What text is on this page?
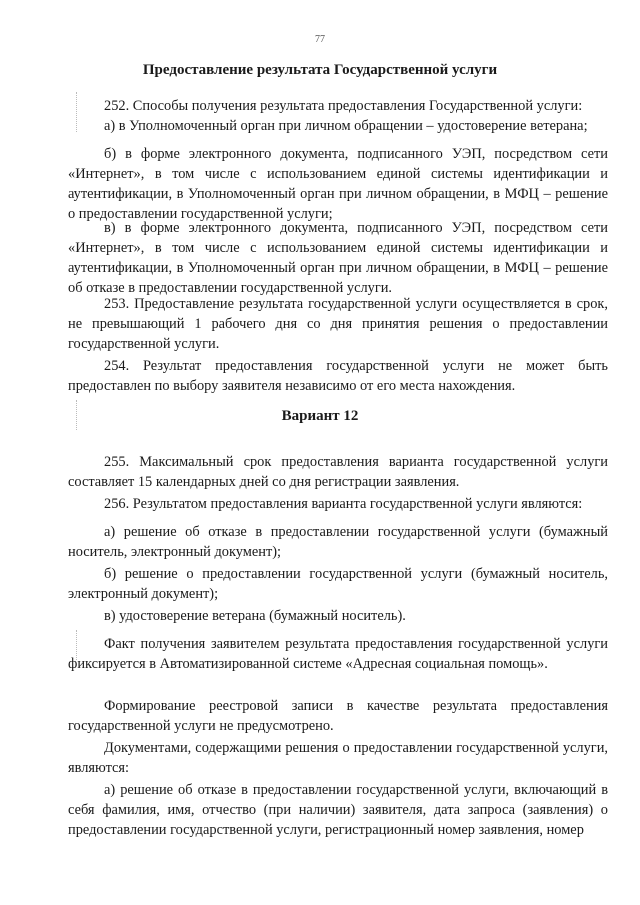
77
Предоставление результата Государственной услуги
252. Способы получения результата предоставления Государственной услуги:
а) в Уполномоченный орган при личном обращении – удостоверение ветерана;
б) в форме электронного документа, подписанного УЭП, посредством сети «Интернет», в том числе с использованием единой системы идентификации и аутентификации, в Уполномоченный орган при личном обращении, в МФЦ – решение о предоставлении государственной услуги;
в) в форме электронного документа, подписанного УЭП, посредством сети «Интернет», в том числе с использованием единой системы идентификации и аутентификации, в Уполномоченный орган при личном обращении, в МФЦ – решение об отказе в предоставлении государственной услуги.
253. Предоставление результата государственной услуги осуществляется в срок, не превышающий 1 рабочего дня со дня принятия решения о предоставлении государственной услуги.
254. Результат предоставления государственной услуги не может быть предоставлен по выбору заявителя независимо от его места нахождения.
Вариант 12
255. Максимальный срок предоставления варианта государственной услуги составляет 15 календарных дней со дня регистрации заявления.
256. Результатом предоставления варианта государственной услуги являются:
а) решение об отказе в предоставлении государственной услуги (бумажный носитель, электронный документ);
б) решение о предоставлении государственной услуги (бумажный носитель, электронный документ);
в) удостоверение ветерана (бумажный носитель).
Факт получения заявителем результата предоставления государственной услуги фиксируется в Автоматизированной системе «Адресная социальная помощь».
Формирование реестровой записи в качестве результата предоставления государственной услуги не предусмотрено.
Документами, содержащими решения о предоставлении государственной услуги, являются:
а) решение об отказе в предоставлении государственной услуги, включающий в себя фамилия, имя, отчество (при наличии) заявителя, дата запроса (заявления) о предоставлении государственной услуги, регистрационный номер заявления, номер
